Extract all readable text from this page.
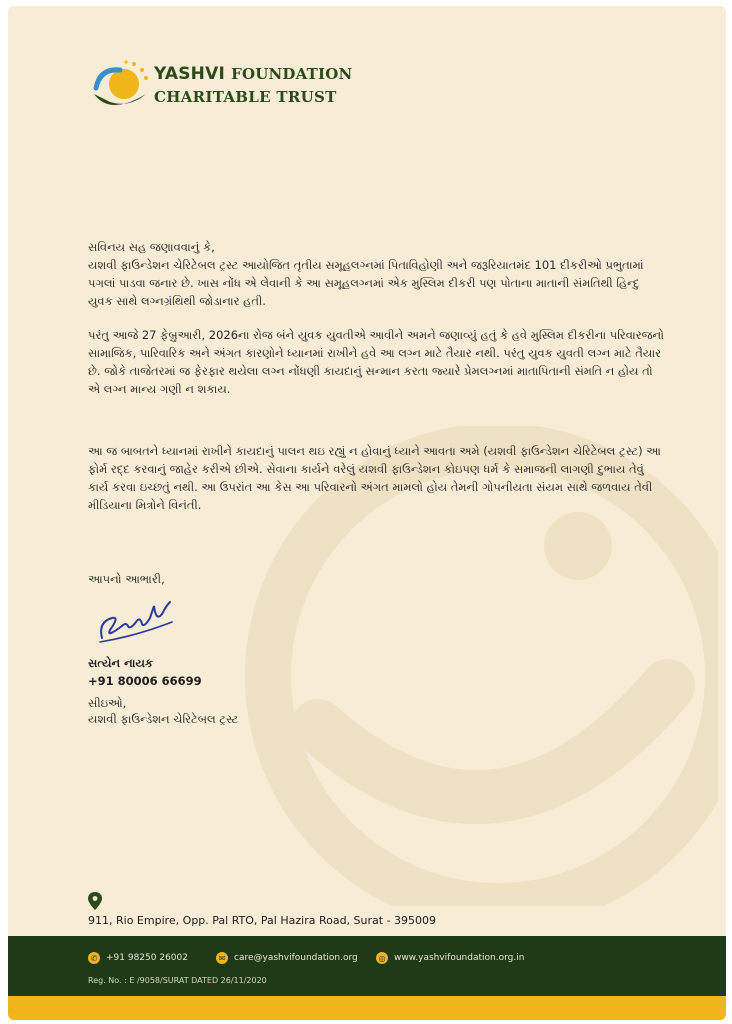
YASHVI FOUNDATION
CHARITABLE TRUST
સવિનય સહ જણાવવાનું કે,
યશવી ફાઉન્ડેશન ચેરિટેબલ ટ્રસ્ટ આયોજિત તૃતીય સમૂહલગ્નમાં પિતાવિહોણી અને જરૂરિયાતમંદ 101 દીકરીઓ પ્રભુતામાં પગલાં પાડવા જનાર છે. ખાસ નોંધ એ લેવાની કે આ સમૂહલગ્નમાં એક મુસ્લિમ દીકરી પણ પોતાના માતાની સંમતિથી હિન્દુ યુવક સાથે લગ્નગ્રંથિથી જોડાનાર હતી.
પરંતુ આજે 27 ફેબ્રુઆરી, 2026ના રોજ બંને યુવક યુવતીએ આવીને અમને જણાવ્યું હતું કે હવે મુસ્લિમ દીકરીના પરિવારજનો સામાજિક, પારિવારિક અને અંગત કારણોને ધ્યાનમાં રાખીને હવે આ લગ્ન માટે તૈયાર નથી. પરંતુ યુવક યુવતી લગ્ન માટે તૈયાર છે. જોકે તાજેતરમાં જ ફેરફાર થયેલા લગ્ન નોંધણી કાયદાનું સન્માન કરતા જ્યારે પ્રેમલગ્નમાં માતાપિતાની સંમતિ ન હોય તો એ લગ્ન માન્ય ગણી ન શકાય.
આ જ બાબતને ધ્યાનમાં રાખીને કાયદાનું પાલન થઇ રહ્યું ન હોવાનું ધ્યાને આવતા અમે (યશવી ફાઉન્ડેશન ચેરિટેબલ ટ્રસ્ટ) આ ફોર્મ રદ્દ કરવાનું જાહેર કરીએ છીએ. સેવાના કાર્યને વરેલું યશવી ફાઉન્ડેશન કોઇપણ ધર્મ કે સમાજની લાગણી દુભાય તેવું કાર્ય કરવા ઇચ્છતું નથી. આ ઉપરાંત આ કેસ આ પરિવારનો અંગત મામલો હોય તેમની ગોપનીયતા સંયમ સાથે જળવાય તેવી મીડિયાના મિત્રોને વિનંતી.
આપનો આભારી,
સત્યેન નાયક
+91 80006 66699
સીઇઓ,
યશવી ફાઉન્ડેશન ચેરિટેબલ ટ્રસ્ટ
911, Rio Empire, Opp. Pal RTO, Pal Hazira Road, Surat - 395009
✆ +91 98250 26002	✉ care@yashvifoundation.org	◎ www.yashvifoundation.org.in
Reg. No. : E /9058/SURAT DATED 26/11/2020
